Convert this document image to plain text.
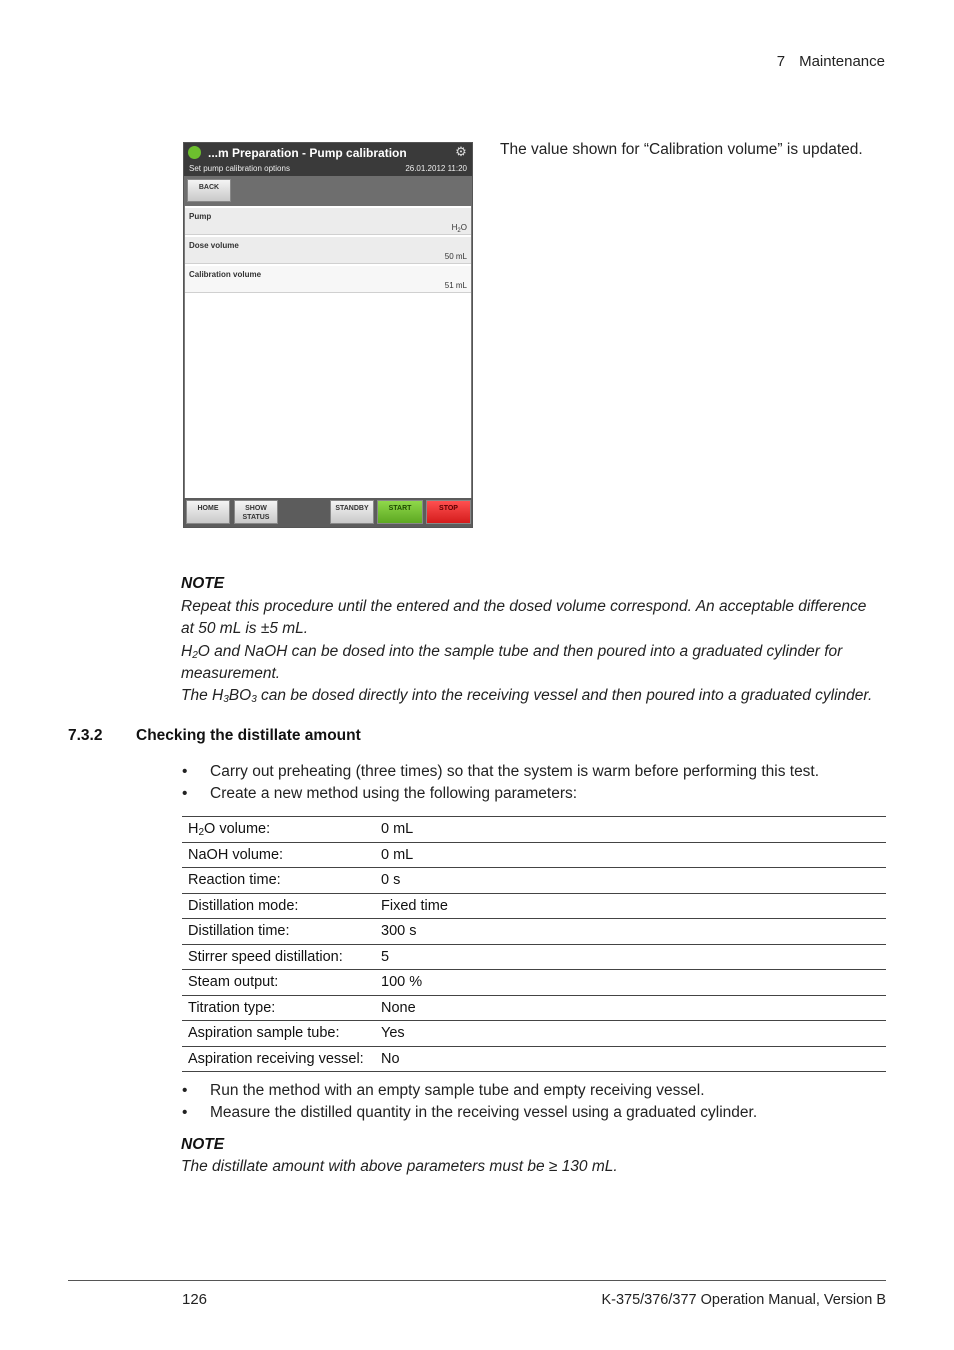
7 Maintenance
...m Preparation - Pump calibration	⚙
Set pump calibration options	26.01.2012 11:20
BACK
Pump
$H_2O$
Dose volume
50 mL
Calibration volume
51 mL
HOME	SHOW
STATUS
STANDBY	START	STOP
The value shown for “Calibration volume” is updated.
NOTE
Repeat this procedure until the entered and the dosed volume correspond. An acceptable difference
at 50 mL is ±5 mL.
$H_2O$ and NaOH can be dosed into the sample tube and then poured into a graduated cylinder for
measurement.
The $H_3BO_3$ can be dosed directly into the receiving vessel and then poured into a graduated cylinder.
7.3.2 Checking the distillate amount
• Carry out preheating (three times) so that the system is warm before performing this test.
• Create a new method using the following parameters:
$H_2O$ volume:	0 mL
NaOH volume:	0 mL
Reaction time:	0 s
Distillation mode:	Fixed time
Distillation time:	300 s
Stirrer speed distillation:	5
Steam output:	100 %
Titration type:	None
Aspiration sample tube:	Yes
Aspiration receiving vessel:	No
• Run the method with an empty sample tube and empty receiving vessel.
• Measure the distilled quantity in the receiving vessel using a graduated cylinder.
NOTE
The distillate amount with above parameters must be ≥ 130 mL.
126	K-375/376/377 Operation Manual, Version B
